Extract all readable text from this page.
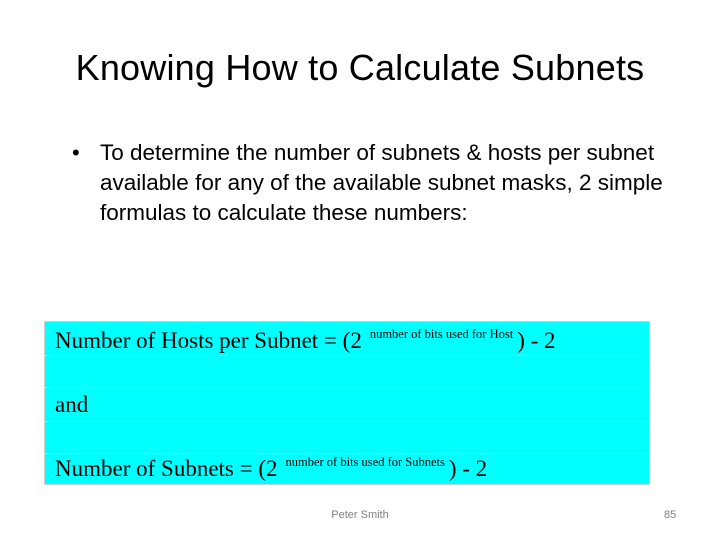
Knowing How to Calculate Subnets
• To determine the number of subnets & hosts per subnet available for any of the available subnet masks, 2 simple formulas to calculate these numbers:
Number of Hosts per Subnet = (2 $^{number of bits used for Host}$ ) - 2
and
Number of Subnets = (2 $^{number of bits used for Subnets}$ ) - 2
Peter Smith	85
